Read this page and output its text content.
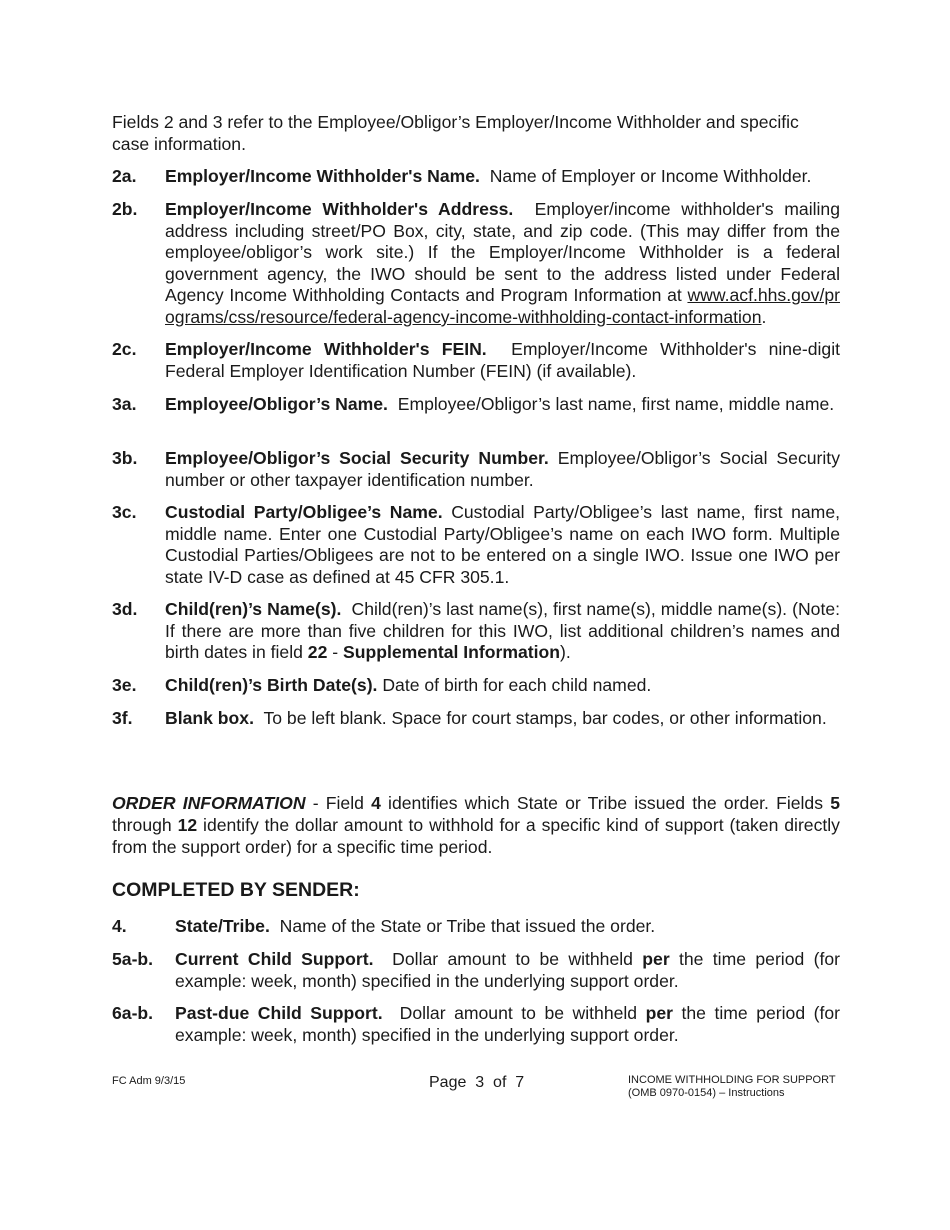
Fields 2 and 3 refer to the Employee/Obligor’s Employer/Income Withholder and specific case information.

2a. Employer/Income Withholder's Name. Name of Employer or Income Withholder.
2b. Employer/Income Withholder's Address. Employer/income withholder's mailing address including street/PO Box, city, state, and zip code. (This may differ from the employee/obligor’s work site.) If the Employer/Income Withholder is a federal government agency, the IWO should be sent to the address listed under Federal Agency Income Withholding Contacts and Program Information at www.acf.hhs.gov/programs/css/resource/federal-agency-income-withholding-contact-information.
2c. Employer/Income Withholder's FEIN. Employer/Income Withholder's nine-digit Federal Employer Identification Number (FEIN) (if available).
3a. Employee/Obligor’s Name. Employee/Obligor’s last name, first name, middle name.
3b. Employee/Obligor’s Social Security Number. Employee/Obligor’s Social Security number or other taxpayer identification number.
3c. Custodial Party/Obligee’s Name. Custodial Party/Obligee’s last name, first name, middle name. Enter one Custodial Party/Obligee’s name on each IWO form. Multiple Custodial Parties/Obligees are not to be entered on a single IWO. Issue one IWO per state IV-D case as defined at 45 CFR 305.1.
3d. Child(ren)’s Name(s). Child(ren)’s last name(s), first name(s), middle name(s). (Note: If there are more than five children for this IWO, list additional children’s names and birth dates in field 22 - Supplemental Information).
3e. Child(ren)’s Birth Date(s). Date of birth for each child named.
3f. Blank box. To be left blank. Space for court stamps, bar codes, or other information.

ORDER INFORMATION - Field 4 identifies which State or Tribe issued the order. Fields 5 through 12 identify the dollar amount to withhold for a specific kind of support (taken directly from the support order) for a specific time period.

COMPLETED BY SENDER:
4.	State/Tribe. Name of the State or Tribe that issued the order.
5a-b. Current Child Support. Dollar amount to be withheld per the time period (for example: week, month) specified in the underlying support order.
6a-b. Past-due Child Support. Dollar amount to be withheld per the time period (for example: week, month) specified in the underlying support order.
FC Adm 9/3/15	Page  3  of  7	INCOME WITHHOLDING FOR SUPPORT
(OMB 0970-0154) – Instructions
